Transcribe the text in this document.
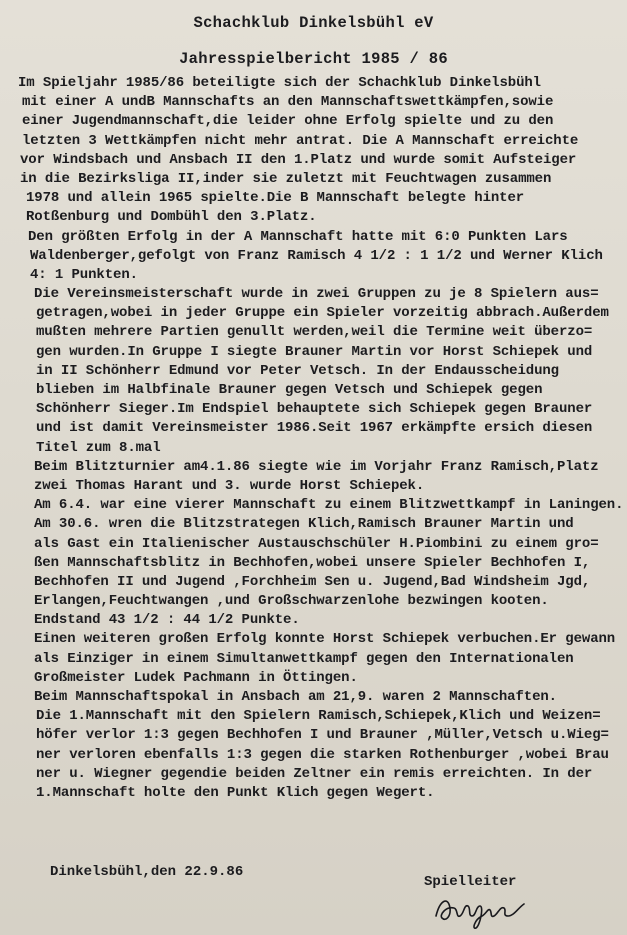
Schachklub Dinkelsbühl eV
Jahresspielbericht 1985 / 86
Im Spieljahr 1985/86 beteiligte sich der Schachklub Dinkelsbühl
mit einer A undB Mannschafts an den Mannschaftswettkämpfen,sowie
einer Jugendmannschaft,die leider ohne Erfolg spielte und zu den
letzten 3 Wettkämpfen nicht mehr antrat. Die A Mannschaft erreichte
vor Windsbach und Ansbach II den 1.Platz und wurde somit Aufsteiger
in die Bezirksliga II,inder sie zuletzt mit Feuchtwagen zusammen
1978 und allein 1965 spielte.Die B Mannschaft belegte hinter
Rotßenburg und Dombühl den 3.Platz.
Den größten Erfolg in der A Mannschaft hatte mit 6:0 Punkten Lars
Waldenberger,gefolgt von Franz Ramisch 4 1/2 : 1 1/2 und Werner Klich
4: 1 Punkten.
Die Vereinsmeisterschaft wurde in zwei Gruppen zu je 8 Spielern aus=
getragen,wobei in jeder Gruppe ein Spieler vorzeitig abbrach.Außerdem
mußten mehrere Partien genullt werden,weil die Termine weit überzo=
gen wurden.In Gruppe I siegte Brauner Martin vor Horst Schiepek und
in II Schönherr Edmund vor Peter Vetsch. In der Endausscheidung
blieben im Halbfinale Brauner gegen Vetsch und Schiepek gegen
Schönherr Sieger.Im Endspiel behauptete sich Schiepek gegen Brauner
und ist damit Vereinsmeister 1986.Seit 1967 erkämpfte ersich diesen
Titel zum 8.mal
Beim Blitzturnier am4.1.86 siegte wie im Vorjahr Franz Ramisch,Platz
zwei Thomas Harant und 3. wurde Horst Schiepek.
Am 6.4. war eine vierer Mannschaft zu einem Blitzwettkampf in Laningen.
Am 30.6. wren die Blitzstrategen Klich,Ramisch Brauner Martin und
als Gast ein Italienischer Austauschschüler H.Piombini zu einem gro=
ßen Mannschaftsblitz in Bechhofen,wobei unsere Spieler Bechhofen I,
Bechhofen II und Jugend ,Forchheim Sen u. Jugend,Bad Windsheim Jgd,
Erlangen,Feuchtwangen ,und Großschwarzenlohe bezwingen kooten.
Endstand 43 1/2 : 44 1/2 Punkte.
Einen weiteren großen Erfolg konnte Horst Schiepek verbuchen.Er gewann
als Einziger in einem Simultanwettkampf gegen den Internationalen
Großmeister Ludek Pachmann in Öttingen.
Beim Mannschaftspokal in Ansbach am 21,9. waren 2 Mannschaften.
Die 1.Mannschaft mit den Spielern Ramisch,Schiepek,Klich und Weizen=
höfer verlor 1:3 gegen Bechhofen I und Brauner ,Müller,Vetsch u.Wieg=
ner verloren ebenfalls 1:3 gegen die starken Rothenburger ,wobei Brau
ner u. Wiegner gegendie beiden Zeltner ein remis erreichten. In der
1.Mannschaft holte den Punkt Klich gegen Wegert.
Dinkelsbühl,den 22.9.86
Spielleiter
